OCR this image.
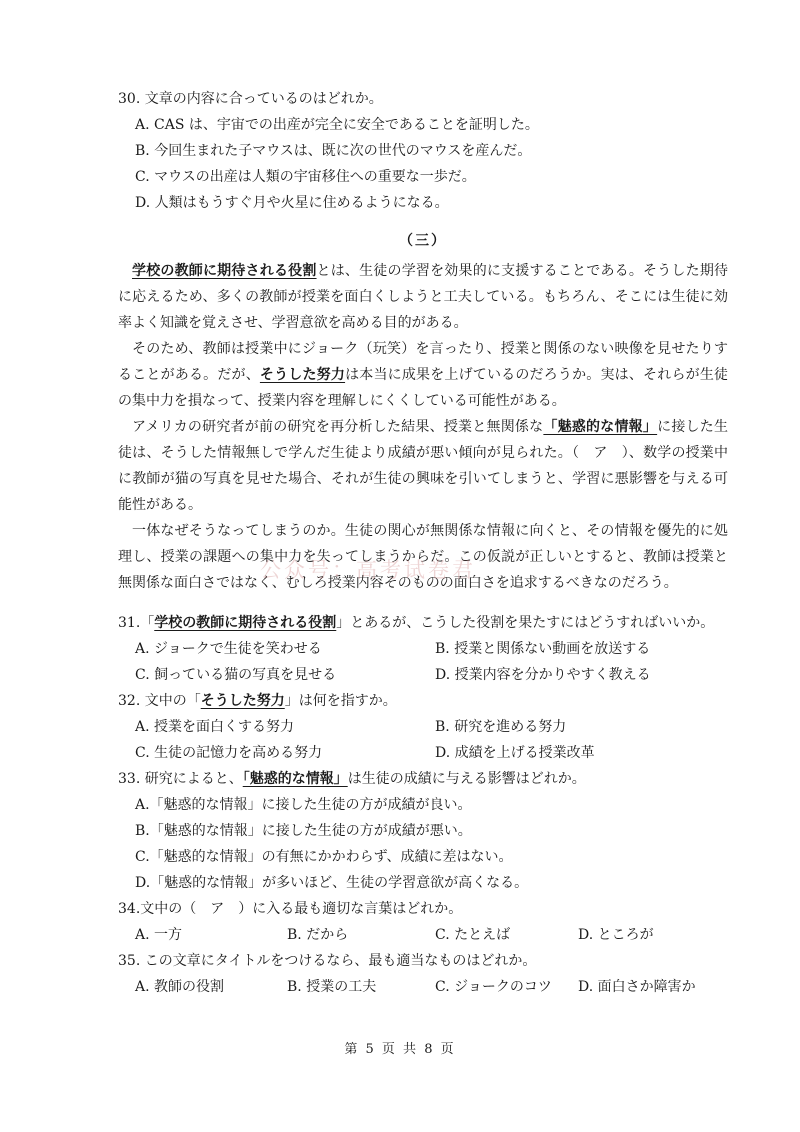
30. 文章の内容に合っているのはどれか。

A. CAS は、宇宙での出産が完全に安全であることを証明した。

B. 今回生まれた子マウスは、既に次の世代のマウスを産んだ。

C. マウスの出産は人類の宇宙移住への重要な一歩だ。

D. 人類はもうすぐ月や火星に住めるようになる。

（三）

学校の教師に期待される役割とは、生徒の学習を効果的に支援することである。そうした期待に応えるため、多くの教師が授業を面白くしようと工夫している。もちろん、そこには生徒に効率よく知識を覚えさせ、学習意欲を高める目的がある。

そのため、教師は授業中にジョーク（玩笑）を言ったり、授業と関係のない映像を見せたりすることがある。だが、そうした努力は本当に成果を上げているのだろうか。実は、それらが生徒の集中力を損なって、授業内容を理解しにくくしている可能性がある。

アメリカの研究者が前の研究を再分析した結果、授業と無関係な「魅惑的な情報」に接した生徒は、そうした情報無しで学んだ生徒より成績が悪い傾向が見られた。（　ア　）、数学の授業中に教師が猫の写真を見せた場合、それが生徒の興味を引いてしまうと、学習に悪影響を与える可能性がある。

一体なぜそうなってしまうのか。生徒の関心が無関係な情報に向くと、その情報を優先的に処理し、授業の課題への集中力を失ってしまうからだ。この仮説が正しいとすると、教師は授業と無関係な面白さではなく、むしろ授業内容そのものの面白さを追求するべきなのだろう。

31.「学校の教師に期待される役割」とあるが、こうした役割を果たすにはどうすればいいか。

A. ジョークで生徒を笑わせる	B. 授業と関係ない動画を放送する
C. 飼っている猫の写真を見せる	D. 授業内容を分かりやすく教える

32. 文中の「そうした努力」は何を指すか。

A. 授業を面白くする努力	B. 研究を進める努力
C. 生徒の記憶力を高める努力	D. 成績を上げる授業改革

33. 研究によると、「魅惑的な情報」は生徒の成績に与える影響はどれか。

A.「魅惑的な情報」に接した生徒の方が成績が良い。

B.「魅惑的な情報」に接した生徒の方が成績が悪い。

C.「魅惑的な情報」の有無にかかわらず、成績に差はない。

D.「魅惑的な情報」が多いほど、生徒の学習意欲が高くなる。

34.文中の（　ア　）に入る最も適切な言葉はどれか。

A. 一方	B. だから	C. たとえば	D. ところが

35. この文章にタイトルをつけるなら、最も適当なものはどれか。

A. 教師の役割	B. 授業の工夫	C. ジョークのコツ	D. 面白さか障害か
公众号：高考试卷君
第 5 页 共 8 页
